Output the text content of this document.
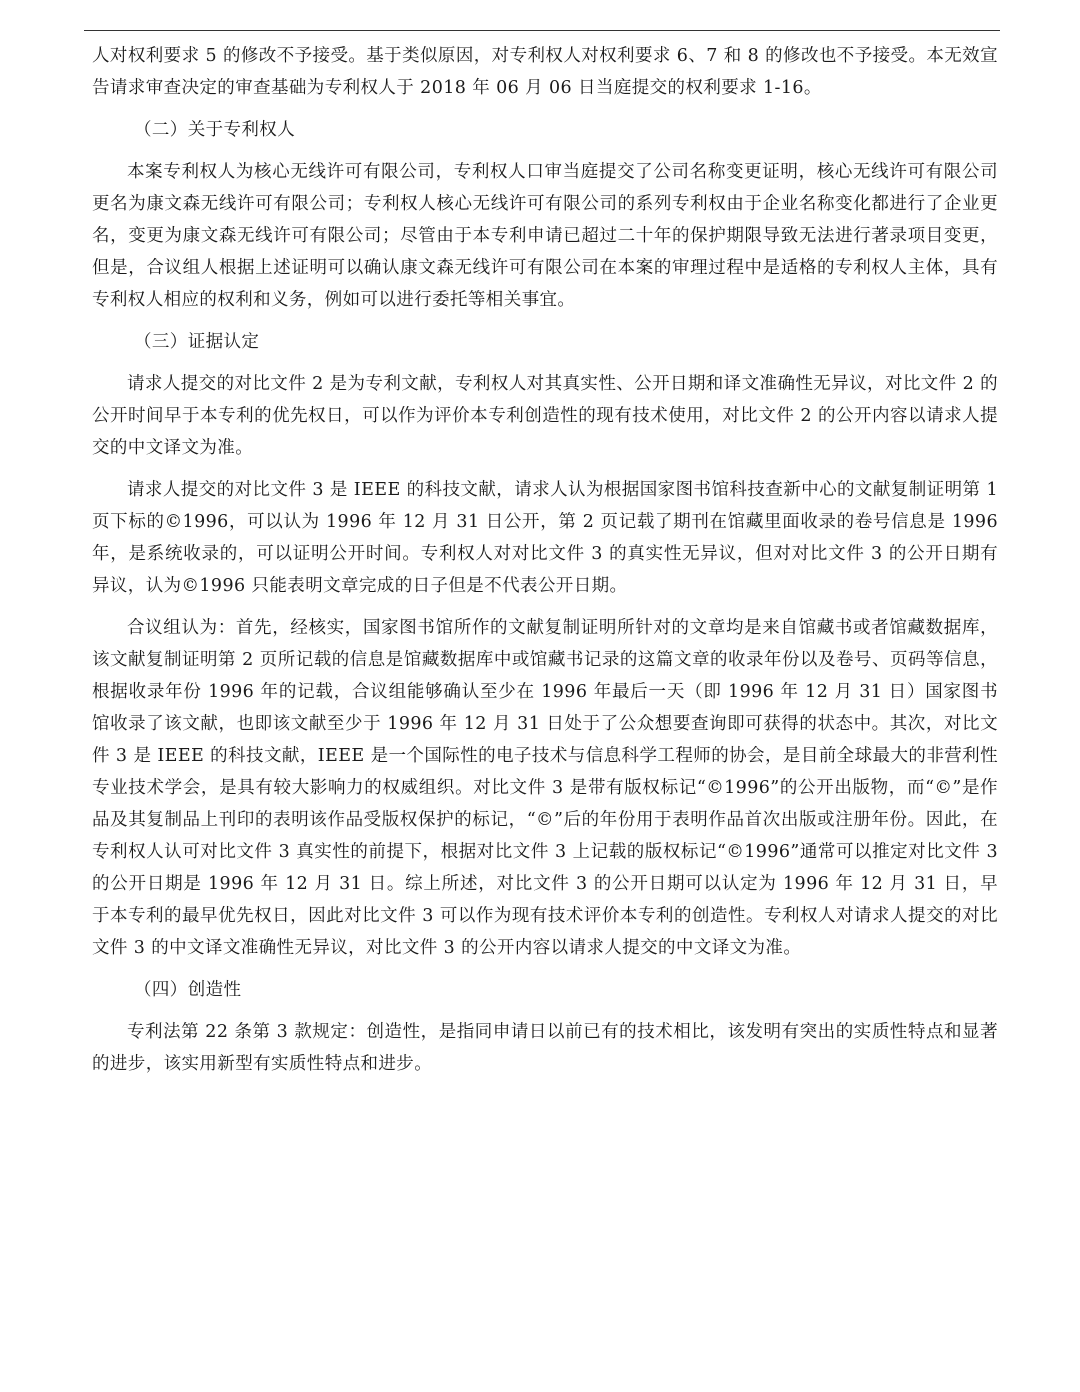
人对权利要求 5 的修改不予接受。基于类似原因，对专利权人对权利要求 6、7 和 8 的修改也不予接受。本无效宣告请求审查决定的审查基础为专利权人于 2018 年 06 月 06 日当庭提交的权利要求 1-16。

（二）关于专利权人

本案专利权人为核心无线许可有限公司，专利权人口审当庭提交了公司名称变更证明，核心无线许可有限公司更名为康文森无线许可有限公司；专利权人核心无线许可有限公司的系列专利权由于企业名称变化都进行了企业更名，变更为康文森无线许可有限公司；尽管由于本专利申请已超过二十年的保护期限导致无法进行著录项目变更，但是，合议组人根据上述证明可以确认康文森无线许可有限公司在本案的审理过程中是适格的专利权人主体，具有专利权人相应的权利和义务，例如可以进行委托等相关事宜。

（三）证据认定

请求人提交的对比文件 2 是为专利文献，专利权人对其真实性、公开日期和译文准确性无异议，对比文件 2 的公开时间早于本专利的优先权日，可以作为评价本专利创造性的现有技术使用，对比文件 2 的公开内容以请求人提交的中文译文为准。

请求人提交的对比文件 3 是 IEEE 的科技文献，请求人认为根据国家图书馆科技查新中心的文献复制证明第 1 页下标的©1996，可以认为 1996 年 12 月 31 日公开，第 2 页记载了期刊在馆藏里面收录的卷号信息是 1996 年，是系统收录的，可以证明公开时间。专利权人对对比文件 3 的真实性无异议，但对对比文件 3 的公开日期有异议，认为©1996 只能表明文章完成的日子但是不代表公开日期。

合议组认为：首先，经核实，国家图书馆所作的文献复制证明所针对的文章均是来自馆藏书或者馆藏数据库，该文献复制证明第 2 页所记载的信息是馆藏数据库中或馆藏书记录的这篇文章的收录年份以及卷号、页码等信息，根据收录年份 1996 年的记载，合议组能够确认至少在 1996 年最后一天（即 1996 年 12 月 31 日）国家图书馆收录了该文献，也即该文献至少于 1996 年 12 月 31 日处于了公众想要查询即可获得的状态中。其次，对比文件 3 是 IEEE 的科技文献，IEEE 是一个国际性的电子技术与信息科学工程师的协会，是目前全球最大的非营利性专业技术学会，是具有较大影响力的权威组织。对比文件 3 是带有版权标记“©1996”的公开出版物，而“©”是作品及其复制品上刊印的表明该作品受版权保护的标记，“©”后的年份用于表明作品首次出版或注册年份。因此，在专利权人认可对比文件 3 真实性的前提下，根据对比文件 3 上记载的版权标记“©1996”通常可以推定对比文件 3 的公开日期是 1996 年 12 月 31 日。综上所述，对比文件 3 的公开日期可以认定为 1996 年 12 月 31 日，早于本专利的最早优先权日，因此对比文件 3 可以作为现有技术评价本专利的创造性。专利权人对请求人提交的对比文件 3 的中文译文准确性无异议，对比文件 3 的公开内容以请求人提交的中文译文为准。

（四）创造性

专利法第 22 条第 3 款规定：创造性，是指同申请日以前已有的技术相比，该发明有突出的实质性特点和显著的进步，该实用新型有实质性特点和进步。
